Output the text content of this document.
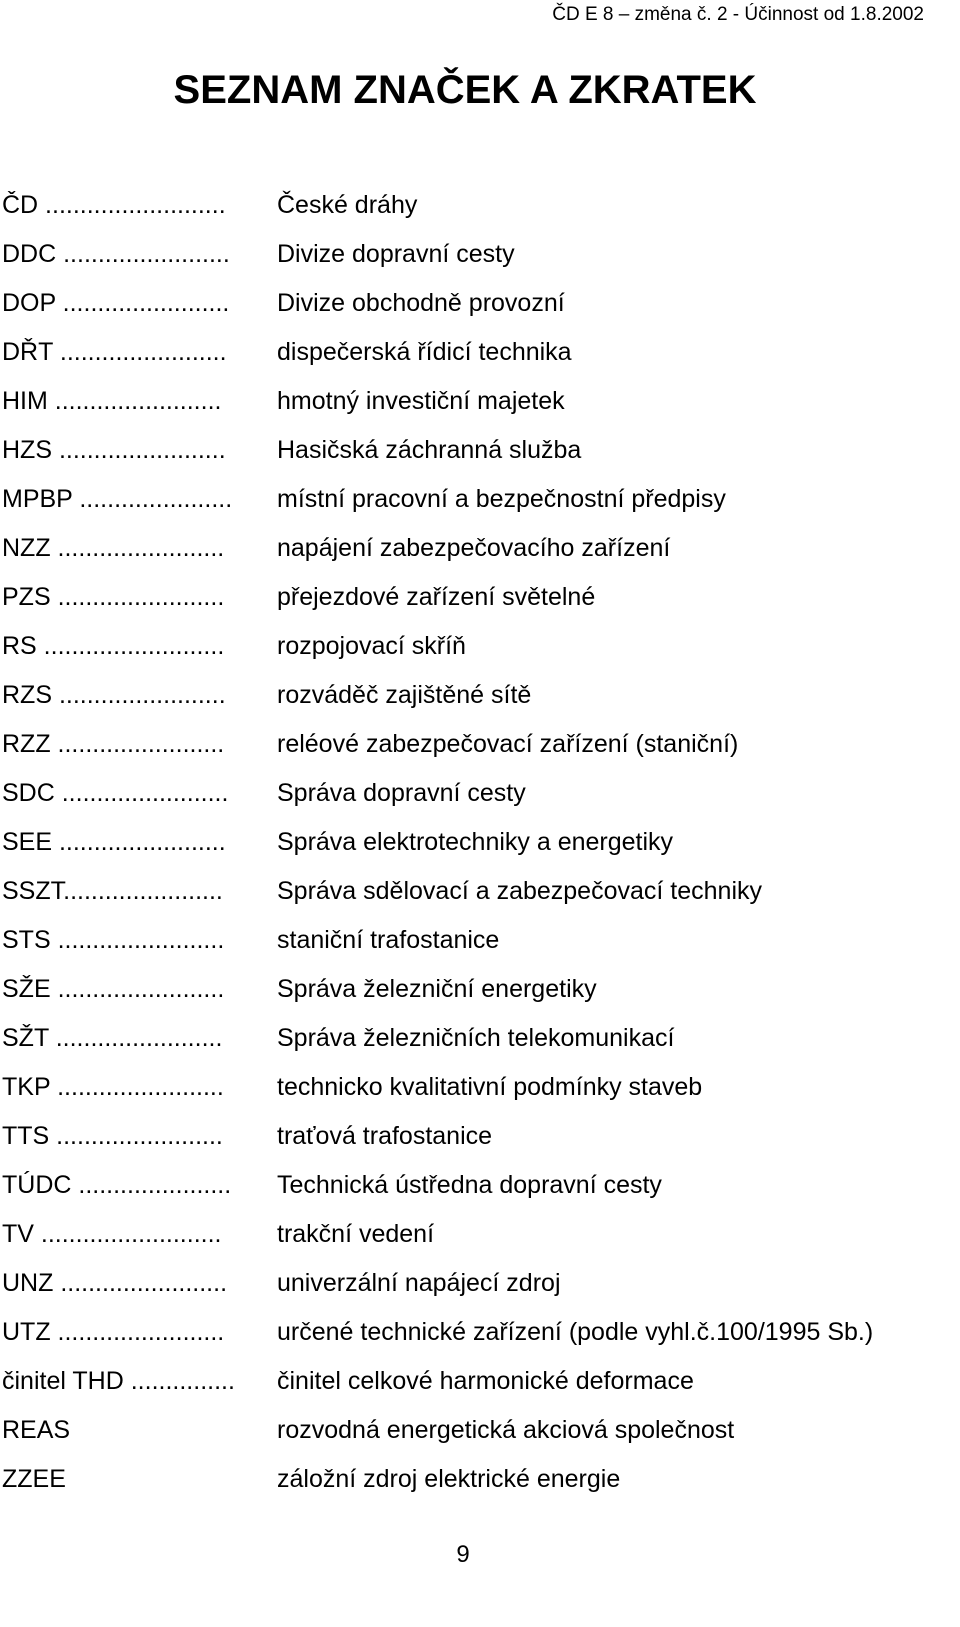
ČD E 8 – změna č. 2 - Účinnost od 1.8.2002
SEZNAM ZNAČEK A ZKRATEK
ČD ..........................	České dráhy
DDC ........................	Divize dopravní cesty
DOP ........................	Divize obchodně provozní
DŘT ........................	dispečerská řídicí technika
HIM ........................	hmotný investiční majetek
HZS ........................	Hasičská záchranná služba
MPBP ......................	místní pracovní a bezpečnostní předpisy
NZZ ........................	napájení zabezpečovacího zařízení
PZS ........................	přejezdové zařízení světelné
RS ..........................	rozpojovací skříň
RZS ........................	rozváděč zajištěné sítě
RZZ ........................	reléové zabezpečovací zařízení (staniční)
SDC ........................	Správa dopravní cesty
SEE ........................	Správa elektrotechniky a energetiky
SSZT.......................	Správa sdělovací a zabezpečovací techniky
STS ........................	staniční trafostanice
SŽE ........................	Správa železniční energetiky
SŽT ........................	Správa železničních telekomunikací
TKP ........................	technicko kvalitativní podmínky staveb
TTS ........................	traťová trafostanice
TÚDC ......................	Technická ústředna dopravní cesty
TV ..........................	trakční vedení
UNZ ........................	univerzální napájecí zdroj
UTZ ........................	určené technické zařízení (podle vyhl.č.100/1995 Sb.)
činitel THD ...............	činitel celkové harmonické deformace
REAS	rozvodná energetická akciová společnost
ZZEE	záložní zdroj elektrické energie
9
